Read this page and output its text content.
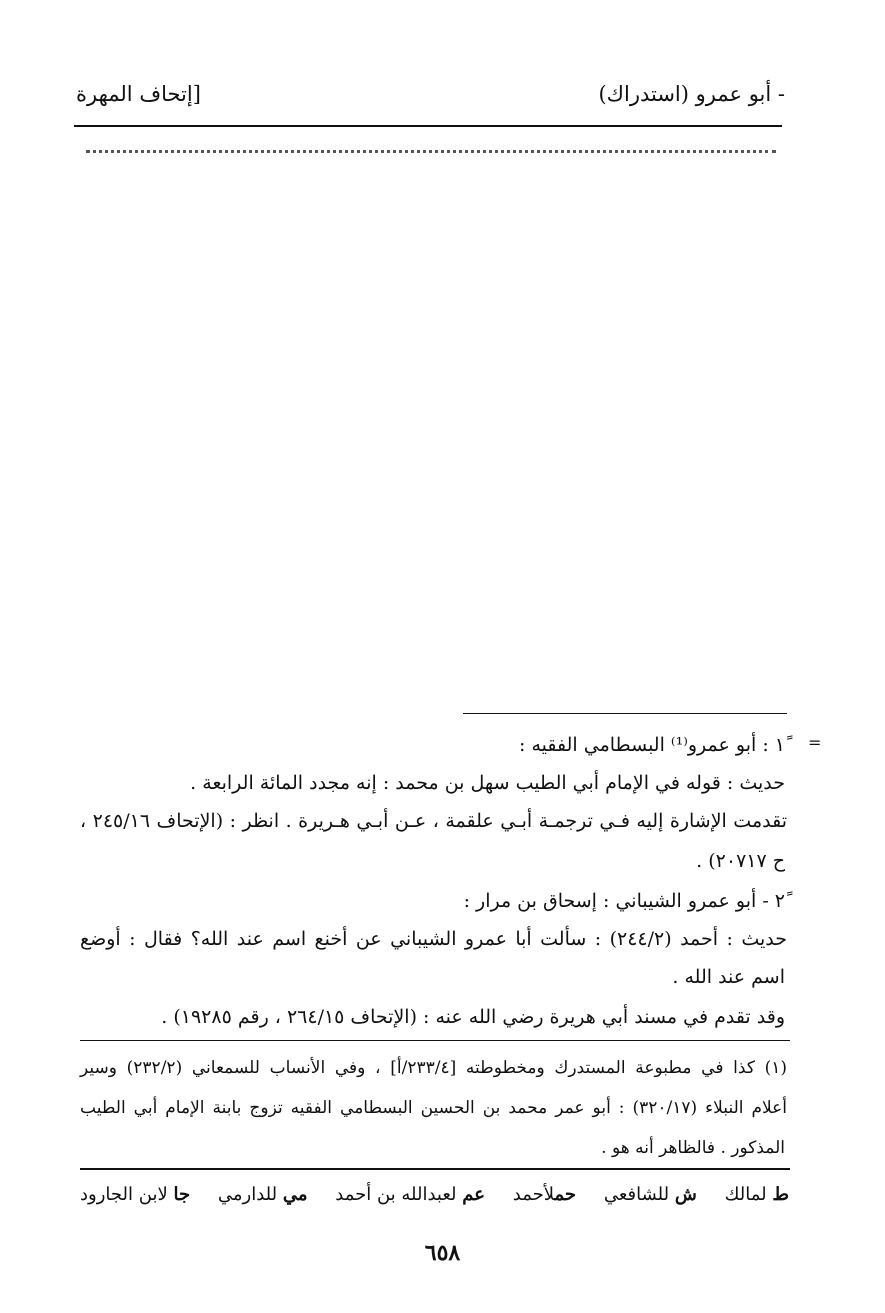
- أبو عمرو (استدراك)
[إتحاف المهرة
=
١ً : أبو عمرو⁽¹⁾ البسطامي الفقيه :
حديث : قوله في الإمام أبي الطيب سهل بن محمد : إنه مجدد المائة الرابعة .
تقدمت الإشارة إليه فـي ترجمـة أبـي علقمة ، عـن أبـي هـريرة . انظر : (الإتحاف ٢٤٥/١٦ ،
ح ٢٠٧١٧) .
٢ً - أبو عمرو الشيباني : إسحاق بن مرار :
حديث : أحمد (٢٤٤/٢) : سألت أبا عمرو الشيباني عن أخنع اسم عند الله؟ فقال : أوضع
اسم عند الله .
وقد تقدم في مسند أبي هريرة رضي الله عنه : (الإتحاف ٢٦٤/١٥ ، رقم ١٩٢٨٥) .
(١) كذا في مطبوعة المستدرك ومخطوطته [٢٣٣/٤/أ] ، وفي الأنساب للسمعاني (٢٣٢/٢) وسير
أعلام النبلاء (٣٢٠/١٧) : أبو عمر محمد بن الحسين البسطامي الفقيه تزوج بابنة الإمام أبي الطيب
المذكور . فالظاهر أنه هو .
ط لمالك
ش للشافعي
حملأحمد
عم لعبدالله بن أحمد
مي للدارمي
جا لابن الجارود
٦٥٨
